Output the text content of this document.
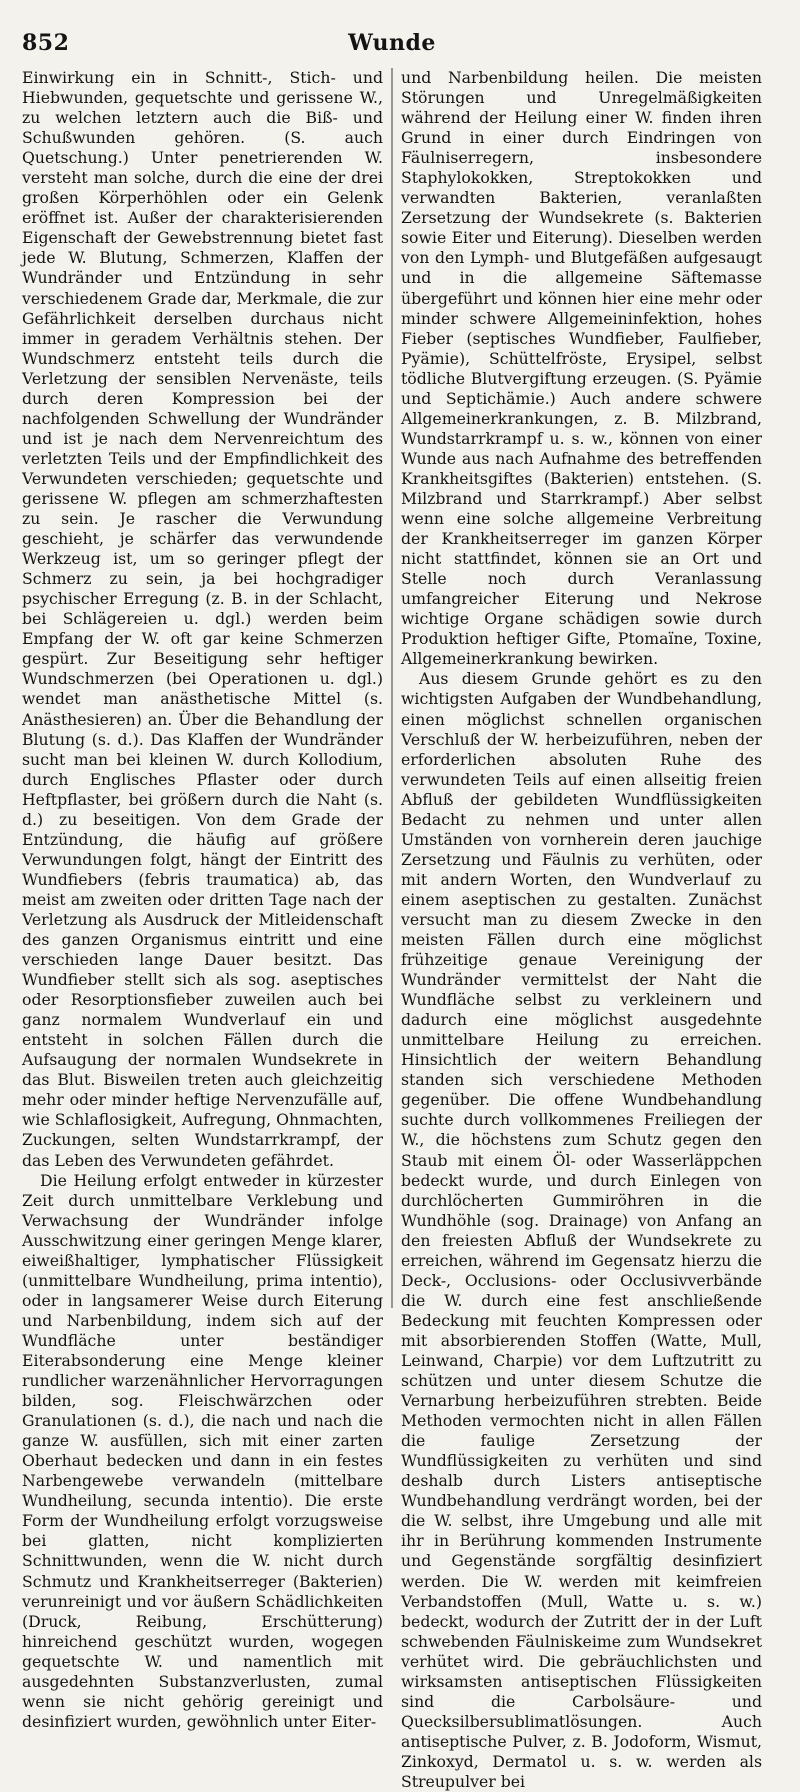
852	Wunde

Einwirkung ein in Schnitt-, Stich- und Hiebwunden, gequetschte und gerissene W., zu welchen letztern auch die Biß- und Schußwunden gehören. (S. auch Quetschung.) Unter penetrierenden W. versteht man solche, durch die eine der drei großen Körperhöhlen oder ein Gelenk eröffnet ist. Außer der charakterisierenden Eigenschaft der Gewebstrennung bietet fast jede W. Blutung, Schmerzen, Klaffen der Wundränder und Entzündung in sehr verschiedenem Grade dar, Merkmale, die zur Gefährlichkeit derselben durchaus nicht immer in geradem Verhältnis stehen. Der Wundschmerz entsteht teils durch die Verletzung der sensiblen Nervenäste, teils durch deren Kompression bei der nachfolgenden Schwellung der Wundränder und ist je nach dem Nervenreichtum des verletzten Teils und der Empfindlichkeit des Verwundeten verschieden; gequetschte und gerissene W. pflegen am schmerzhaftesten zu sein. Je rascher die Verwundung geschieht, je schärfer das verwundende Werkzeug ist, um so geringer pflegt der Schmerz zu sein, ja bei hochgradiger psychischer Erregung (z. B. in der Schlacht, bei Schlägereien u. dgl.) werden beim Empfang der W. oft gar keine Schmerzen gespürt. Zur Beseitigung sehr heftiger Wundschmerzen (bei Operationen u. dgl.) wendet man anästhetische Mittel (s. Anästhesieren) an. Über die Behandlung der Blutung (s. d.). Das Klaffen der Wundränder sucht man bei kleinen W. durch Kollodium, durch Englisches Pflaster oder durch Heftpflaster, bei größern durch die Naht (s. d.) zu beseitigen. Von dem Grade der Entzündung, die häufig auf größere Verwundungen folgt, hängt der Eintritt des Wundfiebers (febris traumatica) ab, das meist am zweiten oder dritten Tage nach der Verletzung als Ausdruck der Mitleidenschaft des ganzen Organismus eintritt und eine verschieden lange Dauer besitzt. Das Wundfieber stellt sich als sog. aseptisches oder Resorptionsfieber zuweilen auch bei ganz normalem Wundverlauf ein und entsteht in solchen Fällen durch die Aufsaugung der normalen Wundsekrete in das Blut. Bisweilen treten auch gleichzeitig mehr oder minder heftige Nervenzufälle auf, wie Schlaflosigkeit, Aufregung, Ohnmachten, Zuckungen, selten Wundstarrkrampf, der das Leben des Verwundeten gefährdet.

Die Heilung erfolgt entweder in kürzester Zeit durch unmittelbare Verklebung und Verwachsung der Wundränder infolge Ausschwitzung einer geringen Menge klarer, eiweißhaltiger, lymphatischer Flüssigkeit (unmittelbare Wundheilung, prima intentio), oder in langsamerer Weise durch Eiterung und Narbenbildung, indem sich auf der Wundfläche unter beständiger Eiterabsonderung eine Menge kleiner rundlicher warzenähnlicher Hervorragungen bilden, sog. Fleischwärzchen oder Granulationen (s. d.), die nach und nach die ganze W. ausfüllen, sich mit einer zarten Oberhaut bedecken und dann in ein festes Narbengewebe verwandeln (mittelbare Wundheilung, secunda intentio). Die erste Form der Wundheilung erfolgt vorzugsweise bei glatten, nicht komplizierten Schnittwunden, wenn die W. nicht durch Schmutz und Krankheitserreger (Bakterien) verunreinigt und vor äußern Schädlichkeiten (Druck, Reibung, Erschütterung) hinreichend geschützt wurden, wogegen gequetschte W. und namentlich mit ausgedehnten Substanzverlusten, zumal wenn sie nicht gehörig gereinigt und desinfiziert wurden, gewöhnlich unter Eiter-

und Narbenbildung heilen. Die meisten Störungen und Unregelmäßigkeiten während der Heilung einer W. finden ihren Grund in einer durch Eindringen von Fäulniserregern, insbesondere Staphylokokken, Streptokokken und verwandten Bakterien, veranlaßten Zersetzung der Wundsekrete (s. Bakterien sowie Eiter und Eiterung). Dieselben werden von den Lymph- und Blutgefäßen aufgesaugt und in die allgemeine Säftemasse übergeführt und können hier eine mehr oder minder schwere Allgemeininfektion, hohes Fieber (septisches Wundfieber, Faulfieber, Pyämie), Schüttelfröste, Erysipel, selbst tödliche Blutvergiftung erzeugen. (S. Pyämie und Septichämie.) Auch andere schwere Allgemeinerkrankungen, z. B. Milzbrand, Wundstarrkrampf u. s. w., können von einer Wunde aus nach Aufnahme des betreffenden Krankheitsgiftes (Bakterien) entstehen. (S. Milzbrand und Starrkrampf.) Aber selbst wenn eine solche allgemeine Verbreitung der Krankheitserreger im ganzen Körper nicht stattfindet, können sie an Ort und Stelle noch durch Veranlassung umfangreicher Eiterung und Nekrose wichtige Organe schädigen sowie durch Produktion heftiger Gifte, Ptomaïne, Toxine, Allgemeinerkrankung bewirken.

Aus diesem Grunde gehört es zu den wichtigsten Aufgaben der Wundbehandlung, einen möglichst schnellen organischen Verschluß der W. herbeizuführen, neben der erforderlichen absoluten Ruhe des verwundeten Teils auf einen allseitig freien Abfluß der gebildeten Wundflüssigkeiten Bedacht zu nehmen und unter allen Umständen von vornherein deren jauchige Zersetzung und Fäulnis zu verhüten, oder mit andern Worten, den Wundverlauf zu einem aseptischen zu gestalten. Zunächst versucht man zu diesem Zwecke in den meisten Fällen durch eine möglichst frühzeitige genaue Vereinigung der Wundränder vermittelst der Naht die Wundfläche selbst zu verkleinern und dadurch eine möglichst ausgedehnte unmittelbare Heilung zu erreichen. Hinsichtlich der weitern Behandlung standen sich verschiedene Methoden gegenüber. Die offene Wundbehandlung suchte durch vollkommenes Freiliegen der W., die höchstens zum Schutz gegen den Staub mit einem Öl- oder Wasserläppchen bedeckt wurde, und durch Einlegen von durchlöcherten Gummiröhren in die Wundhöhle (sog. Drainage) von Anfang an den freiesten Abfluß der Wundsekrete zu erreichen, während im Gegensatz hierzu die Deck-, Occlusions- oder Occlusivverbände die W. durch eine fest anschließende Bedeckung mit feuchten Kompressen oder mit absorbierenden Stoffen (Watte, Mull, Leinwand, Charpie) vor dem Luftzutritt zu schützen und unter diesem Schutze die Vernarbung herbeizuführen strebten. Beide Methoden vermochten nicht in allen Fällen die faulige Zersetzung der Wundflüssigkeiten zu verhüten und sind deshalb durch Listers antiseptische Wundbehandlung verdrängt worden, bei der die W. selbst, ihre Umgebung und alle mit ihr in Berührung kommenden Instrumente und Gegenstände sorgfältig desinfiziert werden. Die W. werden mit keimfreien Verbandstoffen (Mull, Watte u. s. w.) bedeckt, wodurch der Zutritt der in der Luft schwebenden Fäulniskeime zum Wundsekret verhütet wird. Die gebräuchlichsten und wirksamsten antiseptischen Flüssigkeiten sind die Carbolsäure- und Quecksilbersublimatlösungen. Auch antiseptische Pulver, z. B. Jodoform, Wismut, Zinkoxyd, Dermatol u. s. w. werden als Streupulver bei
